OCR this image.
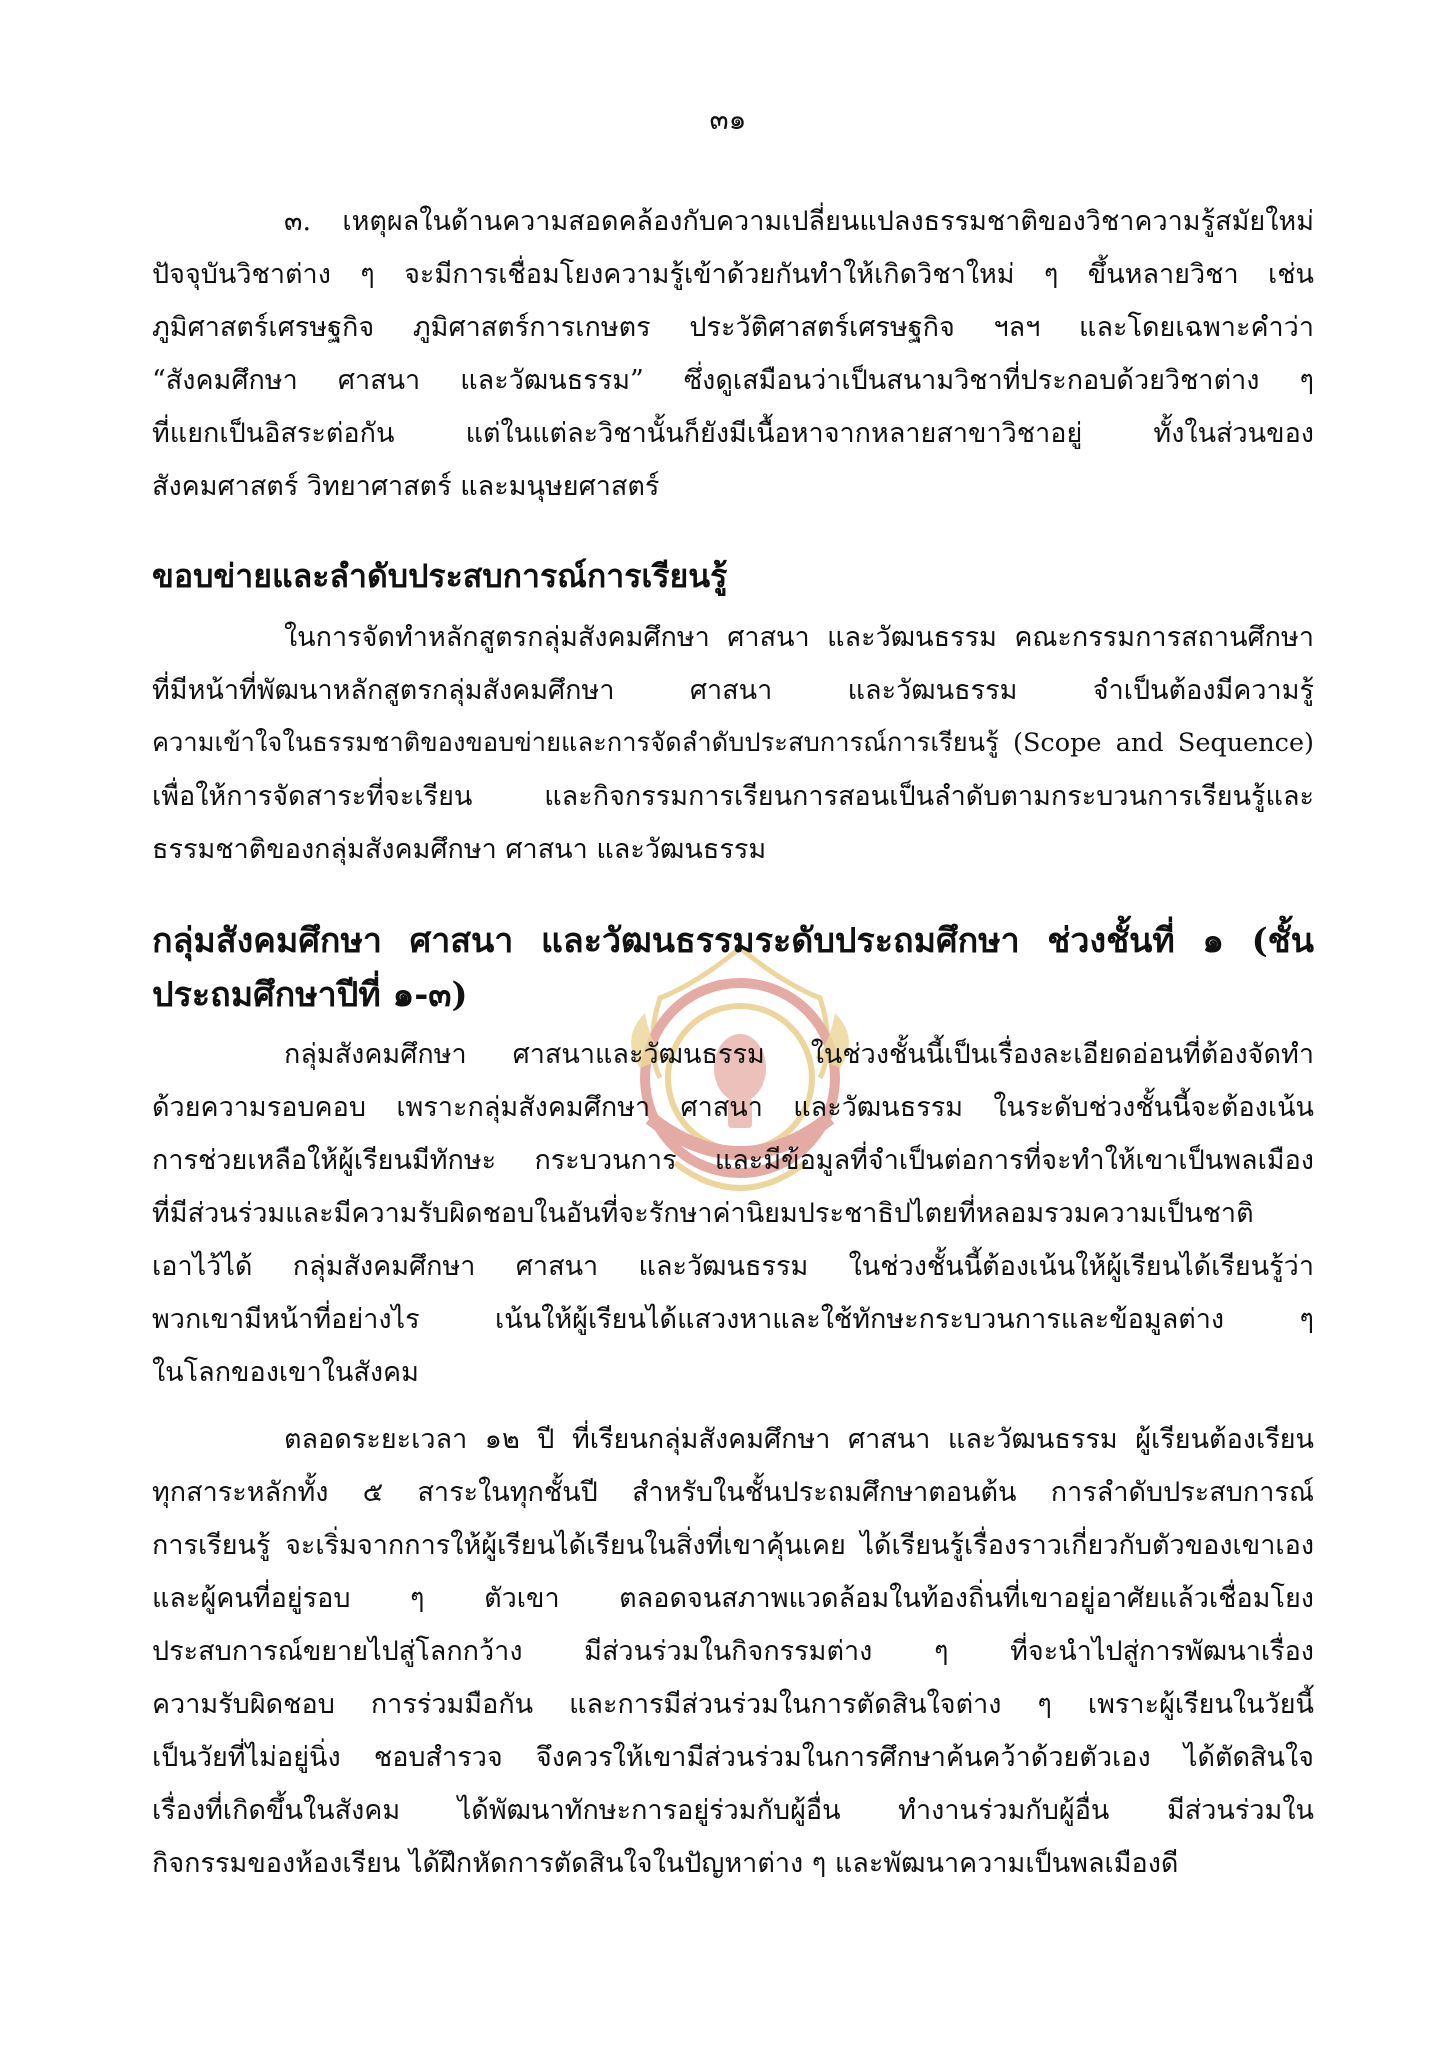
๓๑

๓. เหตุผลในด้านความสอดคล้องกับความเปลี่ยนแปลงธรรมชาติของวิชาความรู้สมัยใหม่
ปัจจุบันวิชาต่าง ๆ จะมีการเชื่อมโยงความรู้เข้าด้วยกันทำให้เกิดวิชาใหม่ ๆ ขึ้นหลายวิชา เช่น
ภูมิศาสตร์เศรษฐกิจ ภูมิศาสตร์การเกษตร ประวัติศาสตร์เศรษฐกิจ ฯลฯ และโดยเฉพาะคำว่า
“สังคมศึกษา ศาสนา และวัฒนธรรม” ซึ่งดูเสมือนว่าเป็นสนามวิชาที่ประกอบด้วยวิชาต่าง ๆ
ที่แยกเป็นอิสระต่อกัน แต่ในแต่ละวิชานั้นก็ยังมีเนื้อหาจากหลายสาขาวิชาอยู่ ทั้งในส่วนของ
สังคมศาสตร์ วิทยาศาสตร์ และมนุษยศาสตร์

ขอบข่ายและลำดับประสบการณ์การเรียนรู้

ในการจัดทำหลักสูตรกลุ่มสังคมศึกษา ศาสนา และวัฒนธรรม คณะกรรมการสถานศึกษา
ที่มีหน้าที่พัฒนาหลักสูตรกลุ่มสังคมศึกษา ศาสนา และวัฒนธรรม จำเป็นต้องมีความรู้
ความเข้าใจในธรรมชาติของขอบข่ายและการจัดลำดับประสบการณ์การเรียนรู้ (Scope and Sequence)
เพื่อให้การจัดสาระที่จะเรียน และกิจกรรมการเรียนการสอนเป็นลำดับตามกระบวนการเรียนรู้และ
ธรรมชาติของกลุ่มสังคมศึกษา ศาสนา และวัฒนธรรม

กลุ่มสังคมศึกษา ศาสนา และวัฒนธรรมระดับประถมศึกษา ช่วงชั้นที่ ๑ (ชั้น
ประถมศึกษาปีที่ ๑-๓)

กลุ่มสังคมศึกษา ศาสนาและวัฒนธรรม ในช่วงชั้นนี้เป็นเรื่องละเอียดอ่อนที่ต้องจัดทำ
ด้วยความรอบคอบ เพราะกลุ่มสังคมศึกษา ศาสนา และวัฒนธรรม ในระดับช่วงชั้นนี้จะต้องเน้น
การช่วยเหลือให้ผู้เรียนมีทักษะ กระบวนการ และมีข้อมูลที่จำเป็นต่อการที่จะทำให้เขาเป็นพลเมือง
ที่มีส่วนร่วมและมีความรับผิดชอบในอันที่จะรักษาค่านิยมประชาธิปไตยที่หลอมรวมความเป็นชาติ
เอาไว้ได้ กลุ่มสังคมศึกษา ศาสนา และวัฒนธรรม ในช่วงชั้นนี้ต้องเน้นให้ผู้เรียนได้เรียนรู้ว่า
พวกเขามีหน้าที่อย่างไร เน้นให้ผู้เรียนได้แสวงหาและใช้ทักษะกระบวนการและข้อมูลต่าง ๆ
ในโลกของเขาในสังคม

ตลอดระยะเวลา ๑๒ ปี ที่เรียนกลุ่มสังคมศึกษา ศาสนา และวัฒนธรรม ผู้เรียนต้องเรียน
ทุกสาระหลักทั้ง ๕ สาระในทุกชั้นปี สำหรับในชั้นประถมศึกษาตอนต้น การลำดับประสบการณ์
การเรียนรู้ จะเริ่มจากการให้ผู้เรียนได้เรียนในสิ่งที่เขาคุ้นเคย ได้เรียนรู้เรื่องราวเกี่ยวกับตัวของเขาเอง
และผู้คนที่อยู่รอบ ๆ ตัวเขา ตลอดจนสภาพแวดล้อมในท้องถิ่นที่เขาอยู่อาศัยแล้วเชื่อมโยง
ประสบการณ์ขยายไปสู่โลกกว้าง มีส่วนร่วมในกิจกรรมต่าง ๆ ที่จะนำไปสู่การพัฒนาเรื่อง
ความรับผิดชอบ การร่วมมือกัน และการมีส่วนร่วมในการตัดสินใจต่าง ๆ เพราะผู้เรียนในวัยนี้
เป็นวัยที่ไม่อยู่นิ่ง ชอบสำรวจ จึงควรให้เขามีส่วนร่วมในการศึกษาค้นคว้าด้วยตัวเอง ได้ตัดสินใจ
เรื่องที่เกิดขึ้นในสังคม ได้พัฒนาทักษะการอยู่ร่วมกับผู้อื่น ทำงานร่วมกับผู้อื่น มีส่วนร่วมใน
กิจกรรมของห้องเรียน ได้ฝึกหัดการตัดสินใจในปัญหาต่าง ๆ และพัฒนาความเป็นพลเมืองดี
